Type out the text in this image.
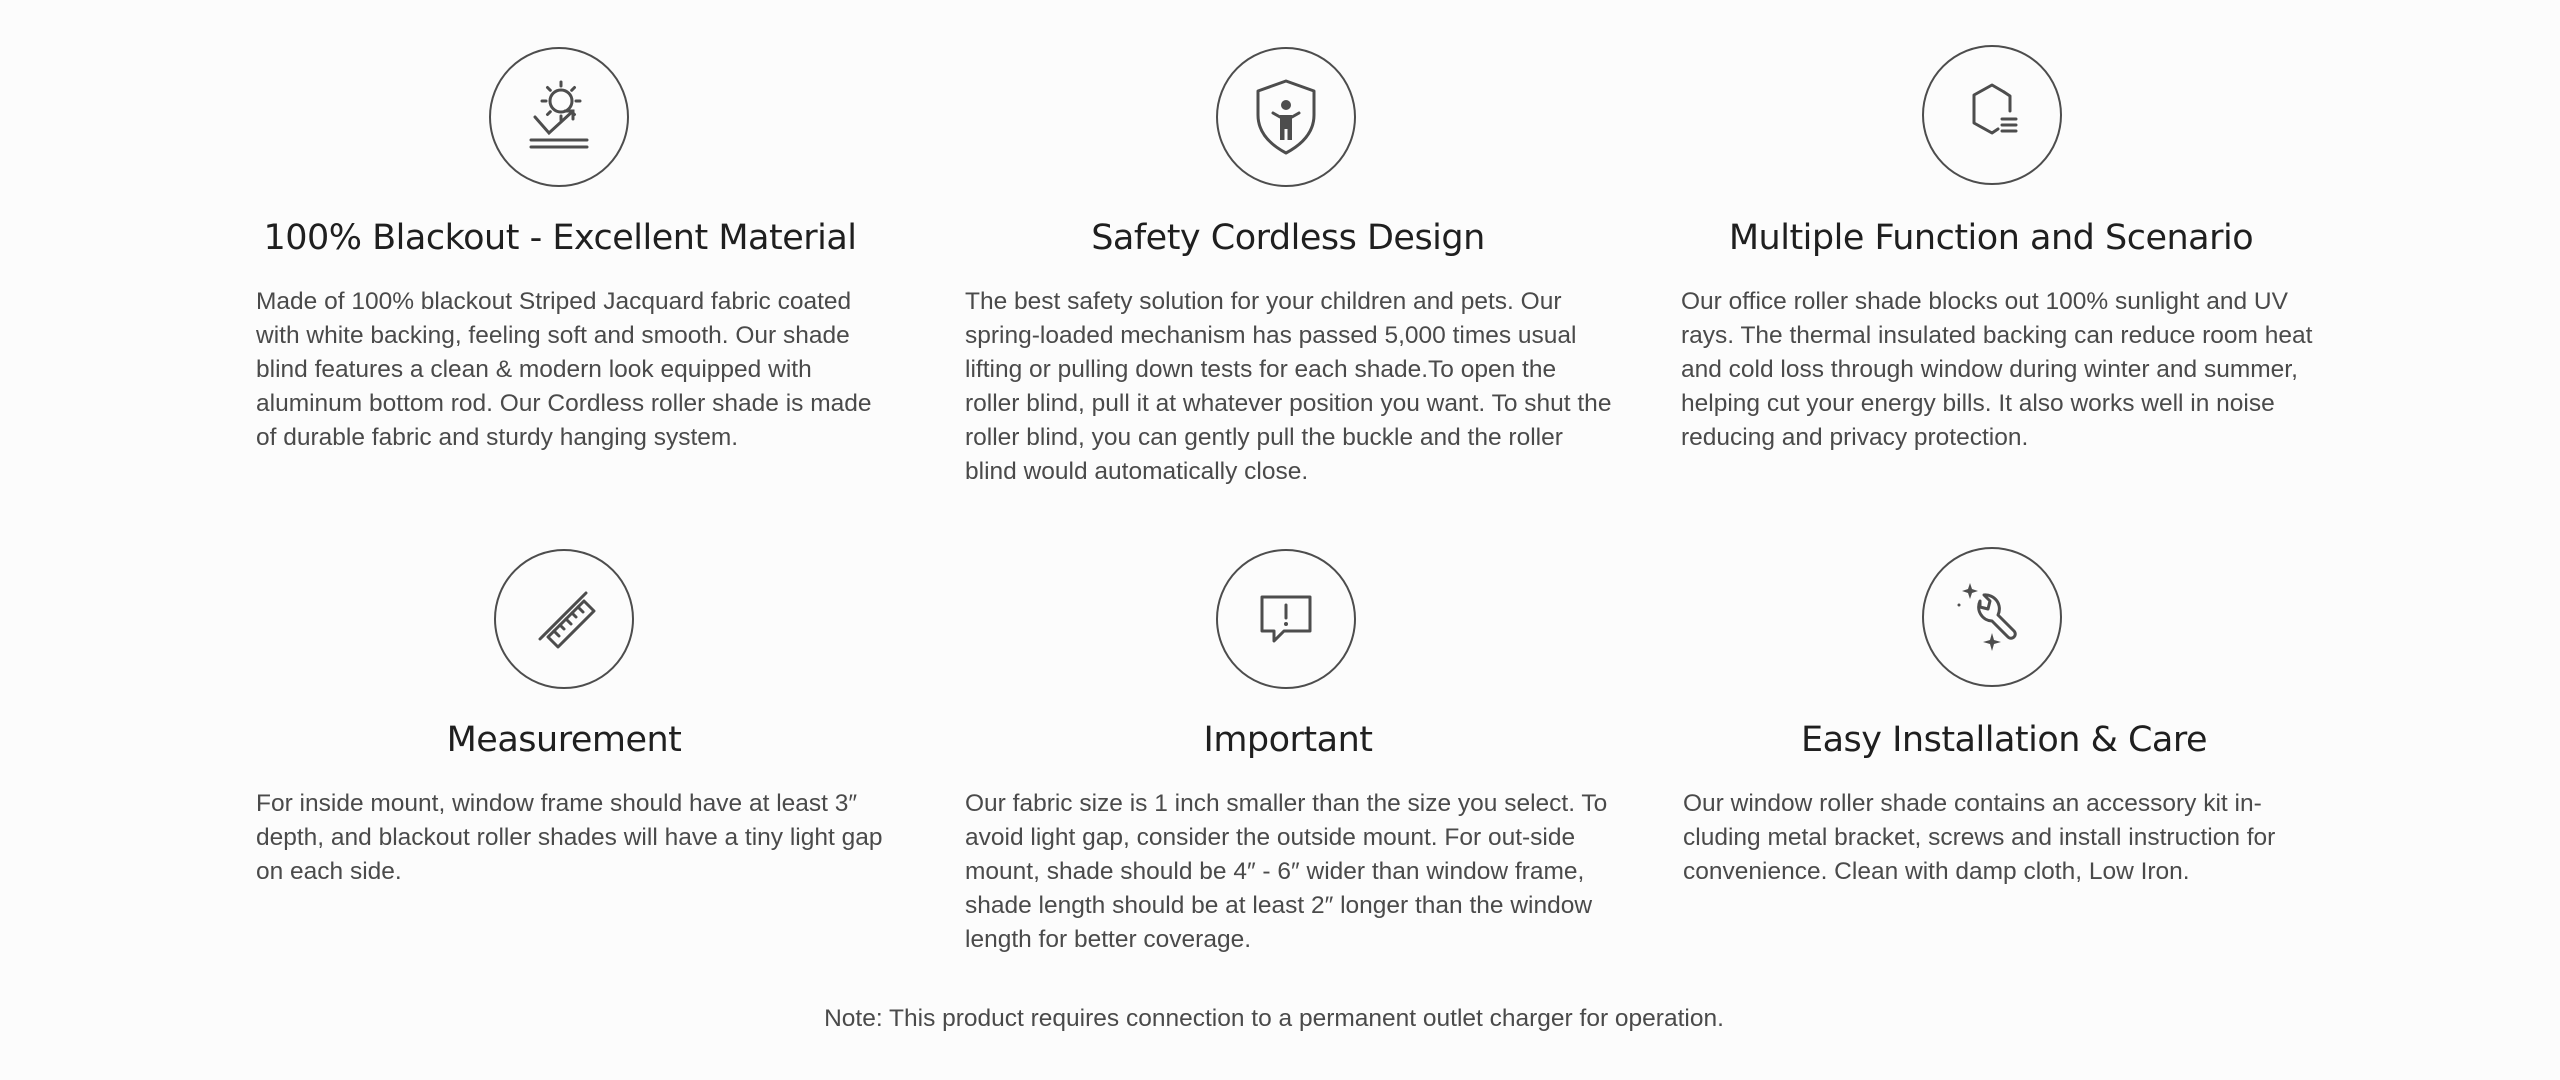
100% Blackout - Excellent Material
Made of 100% blackout Striped Jacquard fabric coated with white backing, feeling soft and smooth. Our shade blind features a clean & modern look equipped with aluminum bottom rod. Our Cordless roller shade is made of durable fabric and sturdy hanging system.
Safety Cordless Design
The best safety solution for your children and pets. Our spring-loaded mechanism has passed 5,000 times usual lifting or pulling down tests for each shade.To open the roller blind, pull it at whatever position you want. To shut the roller blind, you can gently pull the buckle and the roller blind would automatically close.
Multiple Function and Scenario
Our office roller shade blocks out 100% sunlight and UV rays. The thermal insulated backing can reduce room heat and cold loss through window during winter and summer, helping cut your energy bills. It also works well in noise reducing and privacy protection.
Measurement
For inside mount, window frame should have at least 3″ depth, and blackout roller shades will have a tiny light gap on each side.
Important
Our fabric size is 1 inch smaller than the size you select. To avoid light gap, consider the outside mount. For out-side mount, shade should be 4″ - 6″ wider than window frame, shade length should be at least 2″ longer than the window length for better coverage.
Easy Installation & Care
Our window roller shade contains an accessory kit in-cluding metal bracket, screws and install instruction for convenience. Clean with damp cloth, Low Iron.
Note: This product requires connection to a permanent outlet charger for operation.
